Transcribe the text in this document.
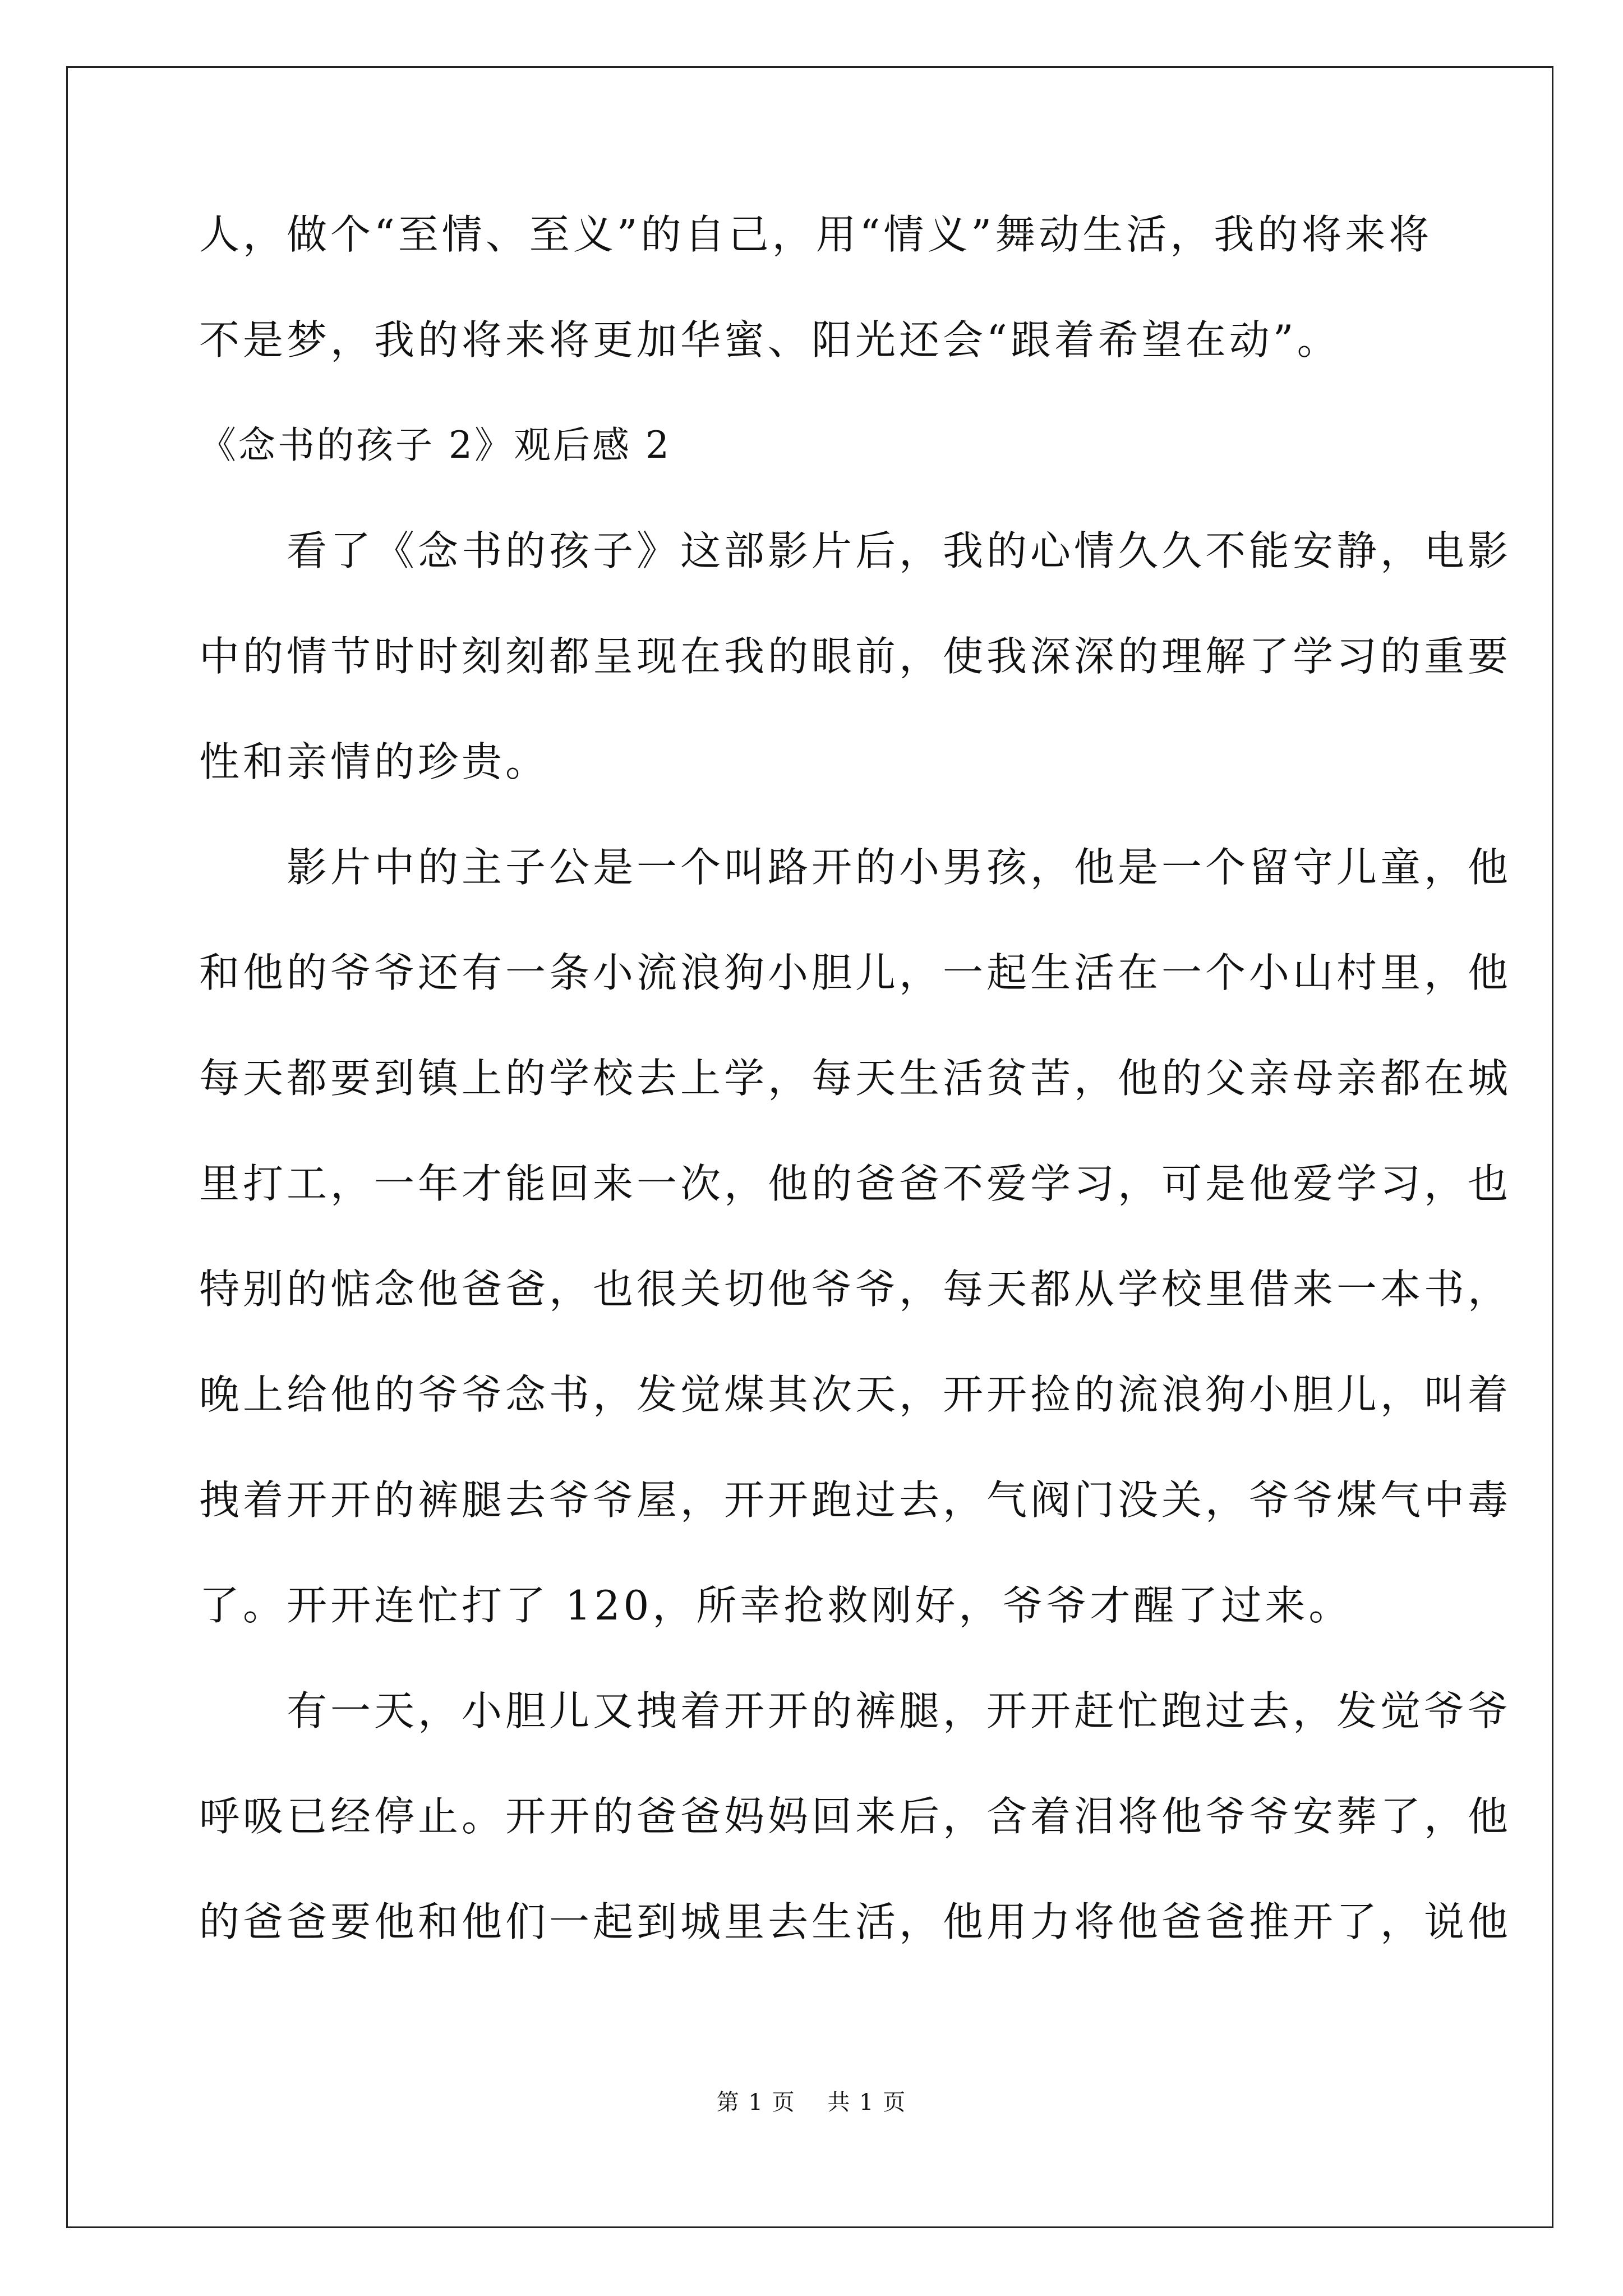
人，做个“至情、至义”的自己，用“情义”舞动生活，我的将来将
不是梦，我的将来将更加华蜜、阳光还会“跟着希望在动”。
《念书的孩子 2》观后感 2
　　看了《念书的孩子》这部影片后，我的心情久久不能安静，电影
中的情节时时刻刻都呈现在我的眼前，使我深深的理解了学习的重要
性和亲情的珍贵。
　　影片中的主子公是一个叫路开的小男孩，他是一个留守儿童，他
和他的爷爷还有一条小流浪狗小胆儿，一起生活在一个小山村里，他
每天都要到镇上的学校去上学，每天生活贫苦，他的父亲母亲都在城
里打工，一年才能回来一次，他的爸爸不爱学习，可是他爱学习，也
特别的惦念他爸爸，也很关切他爷爷，每天都从学校里借来一本书，
晚上给他的爷爷念书，发觉煤其次天，开开捡的流浪狗小胆儿，叫着
拽着开开的裤腿去爷爷屋，开开跑过去，气阀门没关，爷爷煤气中毒
了。开开连忙打了 120，所幸抢救刚好，爷爷才醒了过来。
　　有一天，小胆儿又拽着开开的裤腿，开开赶忙跑过去，发觉爷爷
呼吸已经停止。开开的爸爸妈妈回来后，含着泪将他爷爷安葬了，他
的爸爸要他和他们一起到城里去生活，他用力将他爸爸推开了，说他
第 1 页　 共 1 页
